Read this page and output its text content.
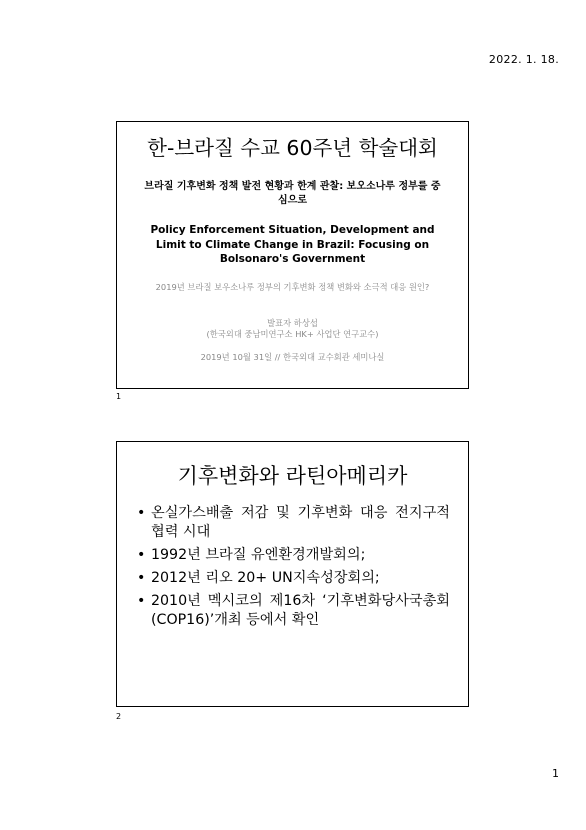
2022. 1. 18.
한-브라질 수교 60주년 학술대회
브라질 기후변화 정책 발전 현황과 한계 관찰: 보오소나루 정부를 중심으로
Policy Enforcement Situation, Development and Limit to Climate Change in Brazil: Focusing on Bolsonaro's Government
2019년 브라질 보우소나루 정부의 기후변화 정책 변화와 소극적 대응 원인?
발표자 하상섭
(한국외대 중남미연구소 HK+ 사업단 연구교수)
2019년 10월 31일 // 한국외대 교수회관 세미나실
1
기후변화와 라틴아메리카
• 온실가스배출 저감 및 기후변화 대응 전지구적 협력 시대
• 1992년 브라질 유엔환경개발회의;
• 2012년 리오 20+ UN지속성장회의;
• 2010년 멕시코의 제16차 ‘기후변화당사국총회(COP16)’개최 등에서 확인
2
1
